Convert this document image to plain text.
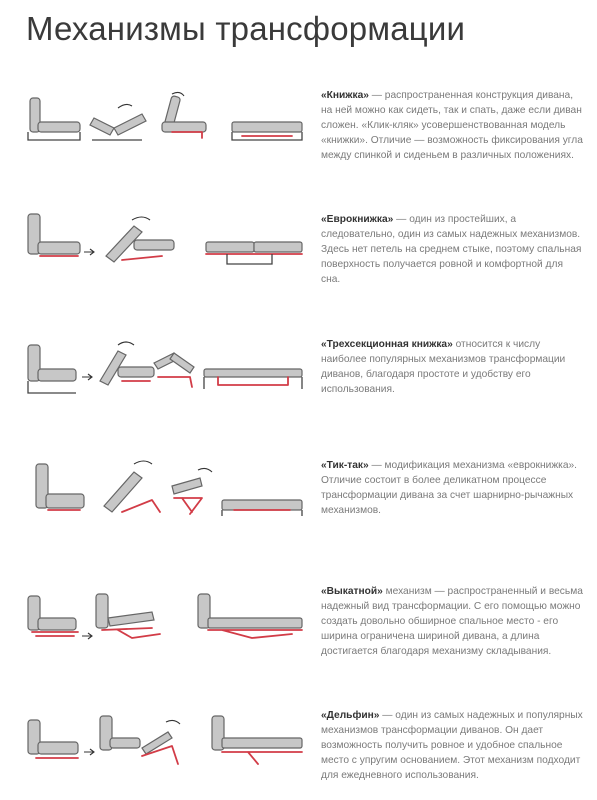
Механизмы трансформации
«Книжка» — распространенная конструкция дивана, на ней можно как сидеть, так и спать, даже если диван сложен. «Клик-кляк» усовершенствованная модель «книжки». Отличие — возможность фиксирования угла между спинкой и сиденьем в различных положениях.
«Еврокнижка» — один из простейших, а следовательно, один из самых надежных механизмов. Здесь нет петель на среднем стыке, поэтому спальная поверхность получается ровной и комфортной для сна.
«Трехсекционная книжка» относится к числу наиболее популярных механизмов трансформации диванов, благодаря простоте и удобству его использования.
«Тик-так» — модификация механизма «еврокнижка». Отличие состоит в более деликатном процессе трансформации дивана за счет шарнирно-рычажных механизмов.
«Выкатной» механизм — распространенный и весьма надежный вид трансформации. С его помощью можно создать довольно обширное спальное место - его ширина ограничена шириной дивана, а длина достигается благодаря механизму складывания.
«Дельфин» — один из самых надежных и популярных механизмов трансформации диванов. Он дает возможность получить ровное и удобное спальное место с упругим основанием. Этот механизм подходит для ежедневного использования.
